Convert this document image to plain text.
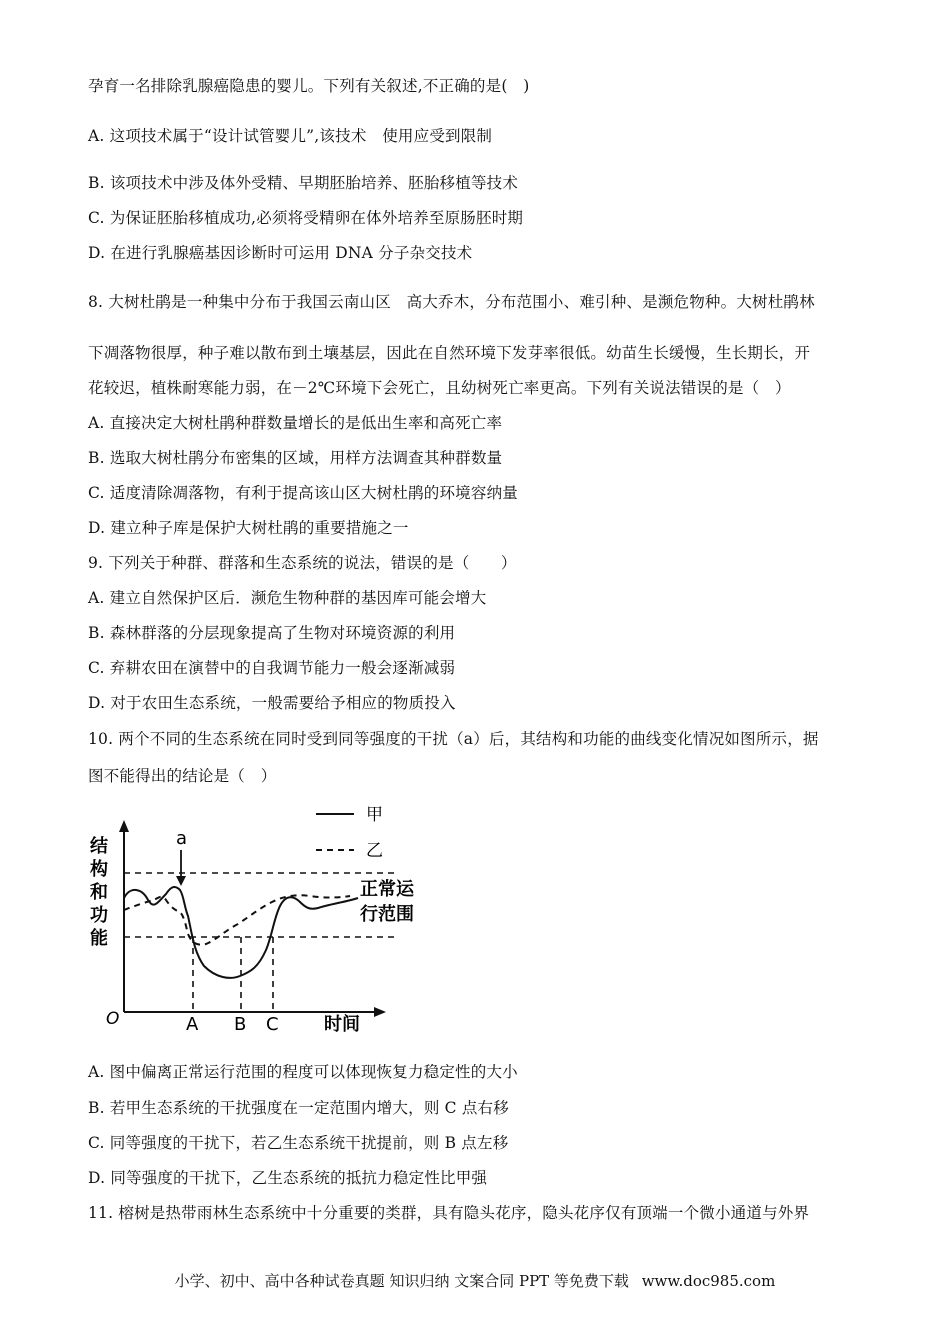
孕育一名排除乳腺癌隐患的婴儿。下列有关叙述,不正确的是(　)
A. 这项技术属于“设计试管婴儿”,该技术　使用应受到限制
B. 该项技术中涉及体外受精、早期胚胎培养、胚胎移植等技术
C. 为保证胚胎移植成功,必须将受精卵在体外培养至原肠胚时期
D. 在进行乳腺癌基因诊断时可运用 DNA 分子杂交技术
8. 大树杜鹃是一种集中分布于我国云南山区　高大乔木，分布范围小、难引种、是濒危物种。大树杜鹃林
下凋落物很厚，种子难以散布到土壤基层，因此在自然环境下发芽率很低。幼苗生长缓慢，生长期长，开
花较迟，植株耐寒能力弱，在－2℃环境下会死亡，且幼树死亡率更高。下列有关说法错误的是（　）
A. 直接决定大树杜鹃种群数量增长的是低出生率和高死亡率
B. 选取大树杜鹃分布密集的区域，用样方法调查其种群数量
C. 适度清除凋落物，有利于提高该山区大树杜鹃的环境容纳量
D. 建立种子库是保护大树杜鹃的重要措施之一
9. 下列关于种群、群落和生态系统的说法，错误的是（　　）
A. 建立自然保护区后．濒危生物种群的基因库可能会增大
B. 森林群落的分层现象提高了生物对环境资源的利用
C. 弃耕农田在演替中的自我调节能力一般会逐渐减弱
D. 对于农田生态系统，一般需要给予相应的物质投入
10. 两个不同的生态系统在同时受到同等强度的干扰（a）后，其结构和功能的曲线变化情况如图所示，据
图不能得出的结论是（　）
甲
乙
结
构
和
功
能
O	时间
正常运
行范围
a
A B C
A. 图中偏离正常运行范围的程度可以体现恢复力稳定性的大小
B. 若甲生态系统的干扰强度在一定范围内增大，则 C 点右移
C. 同等强度的干扰下，若乙生态系统干扰提前，则 B 点左移
D. 同等强度的干扰下，乙生态系统的抵抗力稳定性比甲强
11. 榕树是热带雨林生态系统中十分重要的类群，具有隐头花序，隐头花序仅有顶端一个微小通道与外界
小学、初中、高中各种试卷真题 知识归纳 文案合同 PPT 等免费下载 www.doc985.com
